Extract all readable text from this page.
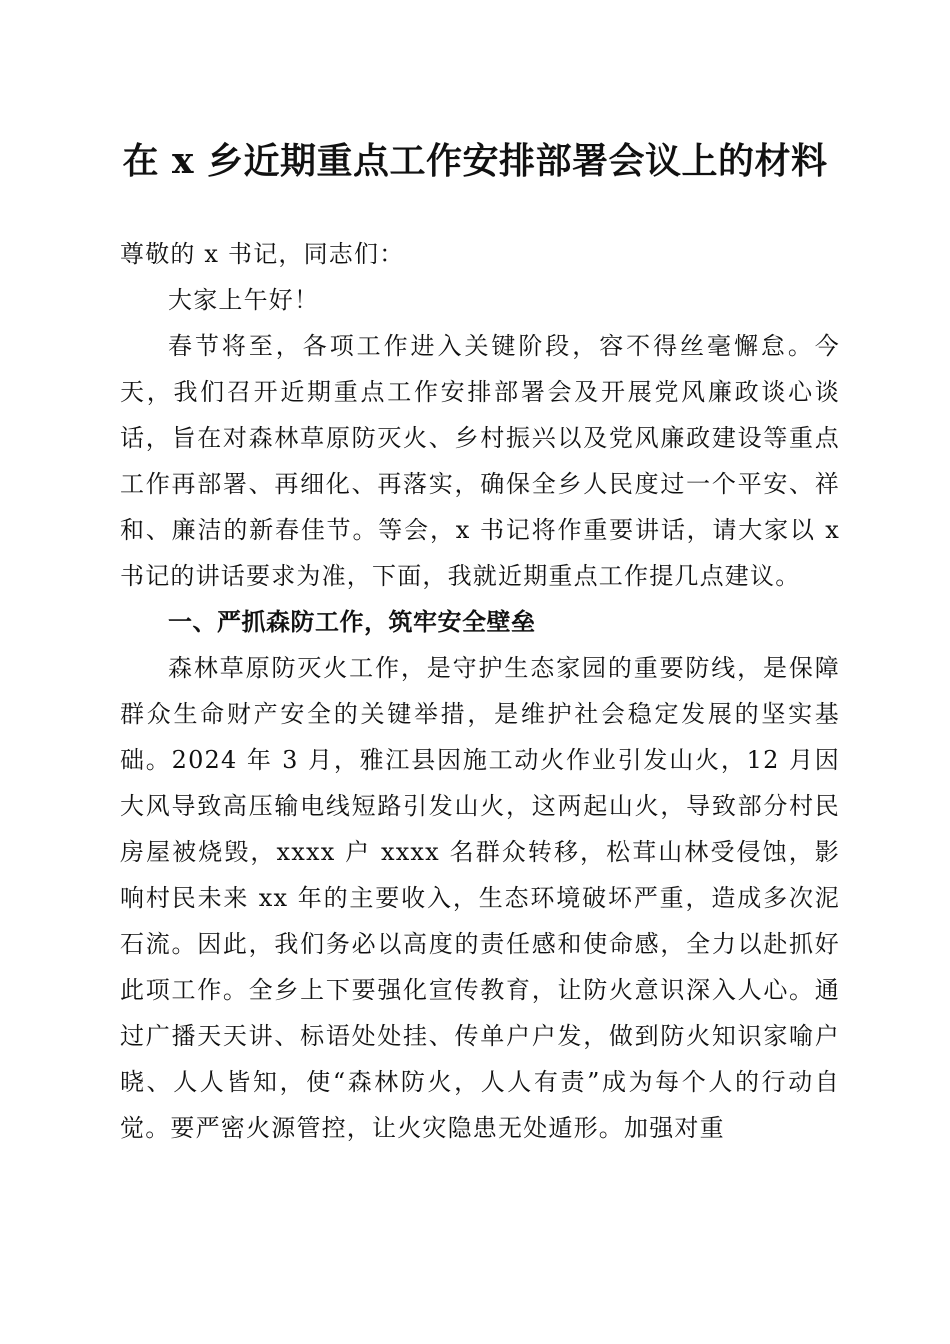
在 x 乡近期重点工作安排部署会议上的材料

尊敬的 x 书记，同志们：

大家上午好！

春节将至，各项工作进入关键阶段，容不得丝毫懈怠。今天，我们召开近期重点工作安排部署会及开展党风廉政谈心谈话，旨在对森林草原防灭火、乡村振兴以及党风廉政建设等重点工作再部署、再细化、再落实，确保全乡人民度过一个平安、祥和、廉洁的新春佳节。等会，x 书记将作重要讲话，请大家以 x 书记的讲话要求为准，下面，我就近期重点工作提几点建议。

一、严抓森防工作，筑牢安全壁垒

森林草原防灭火工作，是守护生态家园的重要防线，是保障群众生命财产安全的关键举措，是维护社会稳定发展的坚实基础。2024 年 3 月，雅江县因施工动火作业引发山火，12 月因大风导致高压输电线短路引发山火，这两起山火，导致部分村民房屋被烧毁，xxxx 户 xxxx 名群众转移，松茸山林受侵蚀，影响村民未来 xx 年的主要收入，生态环境破坏严重，造成多次泥石流。因此，我们务必以高度的责任感和使命感，全力以赴抓好此项工作。全乡上下要强化宣传教育，让防火意识深入人心。通过广播天天讲、标语处处挂、传单户户发，做到防火知识家喻户晓、人人皆知，使“森林防火，人人有责”成为每个人的行动自觉。要严密火源管控，让火灾隐患无处遁形。加强对重
